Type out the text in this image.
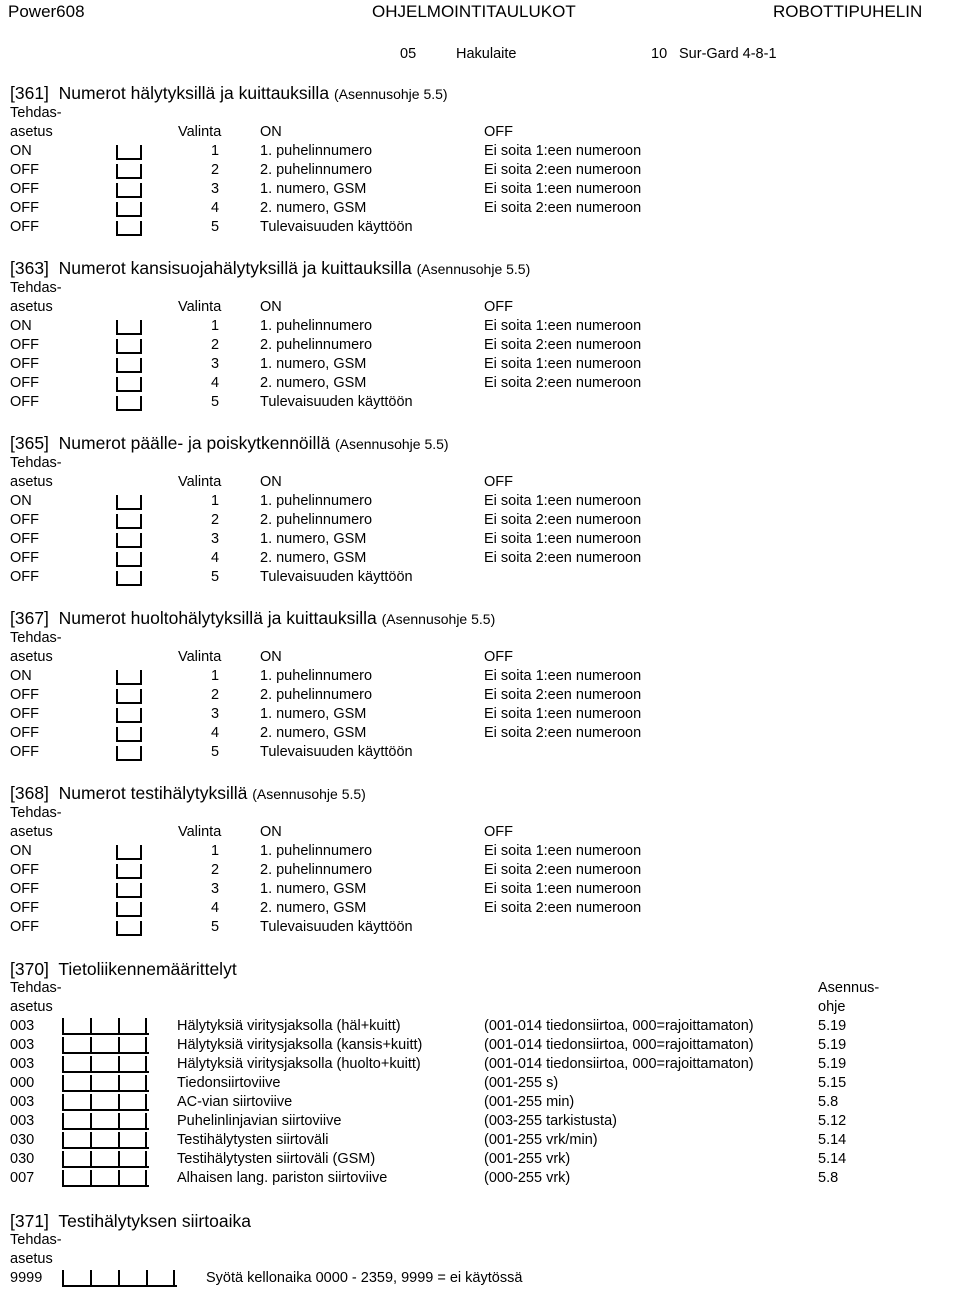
Power608	OHJELMOINTITAULUKOT	ROBOTTIPUHELIN
05	Hakulaite	10 Sur-Gard 4-8-1
[361] Numerot hälytyksillä ja kuittauksilla (Asennusohje 5.5)
Tehdas-
asetus	Valinta	ON	OFF
ON	1	1. puhelinnumero	Ei soita 1:een numeroon
OFF	2	2. puhelinnumero	Ei soita 2:een numeroon
OFF	3	1. numero, GSM	Ei soita 1:een numeroon
OFF	4	2. numero, GSM	Ei soita 2:een numeroon
OFF	5	Tulevaisuuden käyttöön
[363] Numerot kansisuojahälytyksillä ja kuittauksilla (Asennusohje 5.5)
Tehdas-
asetus	Valinta	ON	OFF
ON	1	1. puhelinnumero	Ei soita 1:een numeroon
OFF	2	2. puhelinnumero	Ei soita 2:een numeroon
OFF	3	1. numero, GSM	Ei soita 1:een numeroon
OFF	4	2. numero, GSM	Ei soita 2:een numeroon
OFF	5	Tulevaisuuden käyttöön
[365] Numerot päälle- ja poiskytkennöillä (Asennusohje 5.5)
Tehdas-
asetus	Valinta	ON	OFF
ON	1	1. puhelinnumero	Ei soita 1:een numeroon
OFF	2	2. puhelinnumero	Ei soita 2:een numeroon
OFF	3	1. numero, GSM	Ei soita 1:een numeroon
OFF	4	2. numero, GSM	Ei soita 2:een numeroon
OFF	5	Tulevaisuuden käyttöön
[367] Numerot huoltohälytyksillä ja kuittauksilla (Asennusohje 5.5)
Tehdas-
asetus	Valinta	ON	OFF
ON	1	1. puhelinnumero	Ei soita 1:een numeroon
OFF	2	2. puhelinnumero	Ei soita 2:een numeroon
OFF	3	1. numero, GSM	Ei soita 1:een numeroon
OFF	4	2. numero, GSM	Ei soita 2:een numeroon
OFF	5	Tulevaisuuden käyttöön
[368] Numerot testihälytyksillä (Asennusohje 5.5)
Tehdas-
asetus	Valinta	ON	OFF
ON	1	1. puhelinnumero	Ei soita 1:een numeroon
OFF	2	2. puhelinnumero	Ei soita 2:een numeroon
OFF	3	1. numero, GSM	Ei soita 1:een numeroon
OFF	4	2. numero, GSM	Ei soita 2:een numeroon
OFF	5	Tulevaisuuden käyttöön
[370] Tietoliikennemäärittelyt
Tehdas-
asetus
Asennus-
ohje
003	Hälytyksiä viritysjaksolla (häl+kuitt)	(001-014 tiedonsiirtoa, 000=rajoittamaton)	5.19
003	Hälytyksiä viritysjaksolla (kansis+kuitt)	(001-014 tiedonsiirtoa, 000=rajoittamaton)	5.19
003	Hälytyksiä viritysjaksolla (huolto+kuitt)	(001-014 tiedonsiirtoa, 000=rajoittamaton)	5.19
000	Tiedonsiirtoviive	(001-255 s)	5.15
003	AC-vian siirtoviive	(001-255 min)	5.8
003	Puhelinlinjavian siirtoviive	(003-255 tarkistusta)	5.12
030	Testihälytysten siirtoväli	(001-255 vrk/min)	5.14
030	Testihälytysten siirtoväli (GSM)	(001-255 vrk)	5.14
007	Alhaisen lang. pariston siirtoviive	(000-255 vrk)	5.8
[371] Testihälytyksen siirtoaika
Tehdas-
asetus
9999	Syötä kellonaika 0000 - 2359, 9999 = ei käytössä
